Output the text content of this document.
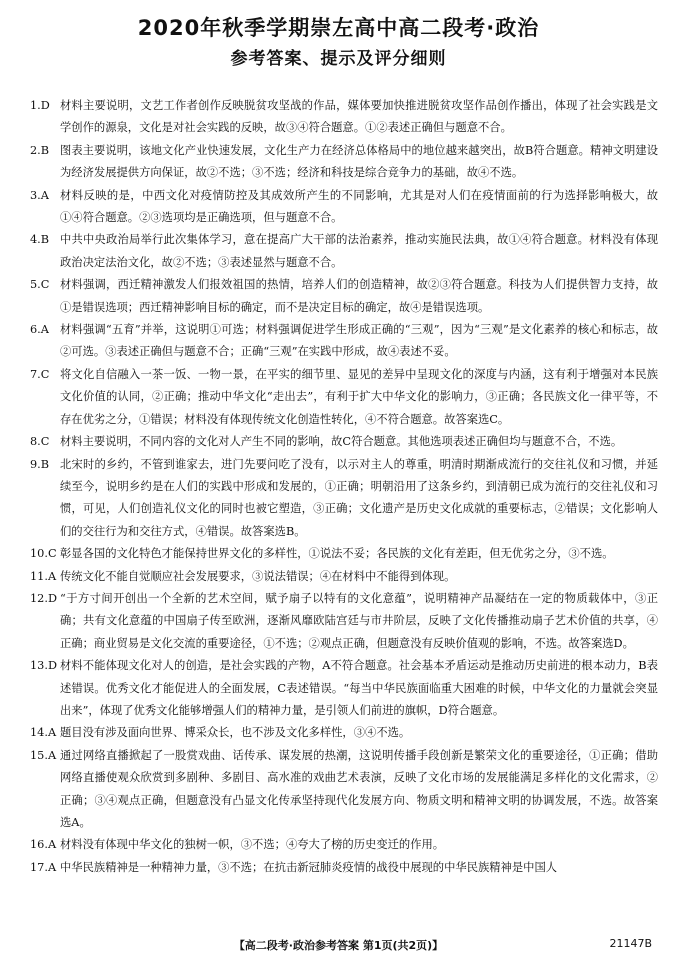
2020年秋季学期崇左高中高二段考·政治
参考答案、提示及评分细则
1.D 材料主要说明，文艺工作者创作反映脱贫攻坚战的作品，媒体要加快推进脱贫攻坚作品创作播出，体现了社会实践是文学创作的源泉，文化是对社会实践的反映，故③④符合题意。①②表述正确但与题意不合。
2.B 图表主要说明，该地文化产业快速发展，文化生产力在经济总体格局中的地位越来越突出，故B符合题意。精神文明建设为经济发展提供方向保证，故②不选；③不选；经济和科技是综合竞争力的基础，故④不选。
3.A 材料反映的是，中西文化对疫情防控及其成效所产生的不同影响，尤其是对人们在疫情面前的行为选择影响极大，故①④符合题意。②③选项均是正确选项，但与题意不合。
4.B 中共中央政治局举行此次集体学习，意在提高广大干部的法治素养，推动实施民法典，故①④符合题意。材料没有体现政治决定法治文化，故②不选；③表述显然与题意不合。
5.C 材料强调，西迁精神激发人们报效祖国的热情，培养人们的创造精神，故②③符合题意。科技为人们提供智力支持，故①是错误选项；西迁精神影响目标的确定，而不是决定目标的确定，故④是错误选项。
6.A 材料强调“五育”并举，这说明①可选；材料强调促进学生形成正确的“三观”，因为“三观”是文化素养的核心和标志，故②可选。③表述正确但与题意不合；正确“三观”在实践中形成，故④表述不妥。
7.C 将文化自信融入一茶一饭、一物一景，在平实的细节里、显见的差异中呈现文化的深度与内涵，这有利于增强对本民族文化价值的认同，②正确；推动中华文化“走出去”，有利于扩大中华文化的影响力，③正确；各民族文化一律平等，不存在优劣之分，①错误；材料没有体现传统文化创造性转化，④不符合题意。故答案选C。
8.C 材料主要说明，不同内容的文化对人产生不同的影响，故C符合题意。其他选项表述正确但均与题意不合，不选。
9.B 北宋时的乡约，不管到谁家去，进门先要问吃了没有，以示对主人的尊重，明清时期渐成流行的交往礼仪和习惯，并延续至今，说明乡约是在人们的实践中形成和发展的，①正确；明朝沿用了这条乡约，到清朝已成为流行的交往礼仪和习惯，可见，人们创造礼仪文化的同时也被它塑造，③正确；文化遗产是历史文化成就的重要标志，②错误；文化影响人们的交往行为和交往方式，④错误。故答案选B。
10.C 彰显各国的文化特色才能保持世界文化的多样性，①说法不妥；各民族的文化有差距，但无优劣之分，③不选。
11.A 传统文化不能自觉顺应社会发展要求，③说法错误；④在材料中不能得到体现。
12.D “于方寸间开创出一个全新的艺术空间，赋予扇子以特有的文化意蕴”，说明精神产品凝结在一定的物质载体中，③正确；共有文化意蕴的中国扇子传至欧洲，逐渐风靡欧陆宫廷与市井阶层，反映了文化传播推动扇子艺术价值的共享，④正确；商业贸易是文化交流的重要途径，①不选；②观点正确，但题意没有反映价值观的影响，不选。故答案选D。
13.D 材料不能体现文化对人的创造，是社会实践的产物，A不符合题意。社会基本矛盾运动是推动历史前进的根本动力，B表述错误。优秀文化才能促进人的全面发展，C表述错误。“每当中华民族面临重大困难的时候，中华文化的力量就会突显出来”，体现了优秀文化能够增强人们的精神力量，是引领人们前进的旗帜，D符合题意。
14.A 题目没有涉及面向世界、博采众长，也不涉及文化多样性，③④不选。
15.A 通过网络直播掀起了一股赏戏曲、话传承、谋发展的热潮，这说明传播手段创新是繁荣文化的重要途径，①正确；借助网络直播使观众欣赏到多剧种、多剧目、高水准的戏曲艺术表演，反映了文化市场的发展能满足多样化的文化需求，②正确；③④观点正确，但题意没有凸显文化传承坚持现代化发展方向、物质文明和精神文明的协调发展，不选。故答案选A。
16.A 材料没有体现中华文化的独树一帜，③不选；④夸大了榜的历史变迁的作用。
17.A 中华民族精神是一种精神力量，③不选；在抗击新冠肺炎疫情的战役中展现的中华民族精神是中国人
【高二段考·政治参考答案 第1页(共2页)】	21147B
